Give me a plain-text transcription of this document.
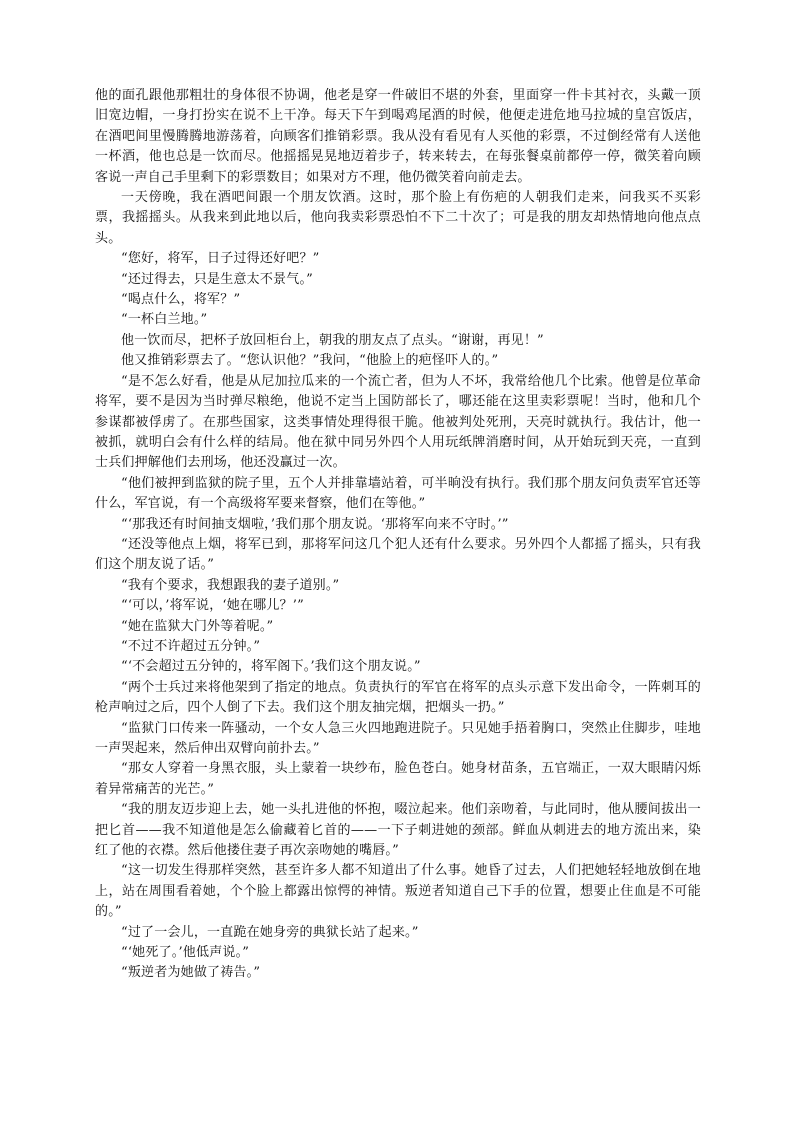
他的面孔跟他那粗壮的身体很不协调，他老是穿一件破旧不堪的外套，里面穿一件卡其衬衣，头戴一顶旧宽边帽，一身打扮实在说不上干净。每天下午到喝鸡尾酒的时候，他便走进危地马拉城的皇宫饭店，在酒吧间里慢腾腾地游荡着，向顾客们推销彩票。我从没有看见有人买他的彩票，不过倒经常有人送他一杯酒，他也总是一饮而尽。他摇摇晃晃地迈着步子，转来转去，在每张餐桌前都停一停，微笑着向顾客说一声自己手里剩下的彩票数目；如果对方不理，他仍微笑着向前走去。

一天傍晚，我在酒吧间跟一个朋友饮酒。这时，那个脸上有伤疤的人朝我们走来，问我买不买彩票，我摇摇头。从我来到此地以后，他向我卖彩票恐怕不下二十次了；可是我的朋友却热情地向他点点头。

“您好，将军，日子过得还好吧？”

“还过得去，只是生意太不景气。”

“喝点什么，将军？”

“一杯白兰地。”

他一饮而尽，把杯子放回柜台上，朝我的朋友点了点头。“谢谢，再见！”

他又推销彩票去了。“您认识他？”我问，“他脸上的疤怪吓人的。”

“是不怎么好看，他是从尼加拉瓜来的一个流亡者，但为人不坏，我常给他几个比索。他曾是位革命将军，要不是因为当时弹尽粮绝，他说不定当上国防部长了，哪还能在这里卖彩票呢！当时，他和几个参谋都被俘虏了。在那些国家，这类事情处理得很干脆。他被判处死刑，天亮时就执行。我估计，他一被抓，就明白会有什么样的结局。他在狱中同另外四个人用玩纸牌消磨时间，从开始玩到天亮，一直到士兵们押解他们去刑场，他还没赢过一次。

“他们被押到监狱的院子里，五个人并排靠墙站着，可半晌没有执行。我们那个朋友问负责军官还等什么，军官说，有一个高级将军要来督察，他们在等他。”

“‘那我还有时间抽支烟啦，’我们那个朋友说。‘那将军向来不守时。’”

“还没等他点上烟，将军已到，那将军问这几个犯人还有什么要求。另外四个人都摇了摇头，只有我们这个朋友说了话。”

“我有个要求，我想跟我的妻子道别。”

“‘可以，’将军说，‘她在哪儿？’”

“她在监狱大门外等着呢。”

“不过不许超过五分钟。”

“‘不会超过五分钟的，将军阁下。’我们这个朋友说。”

“两个士兵过来将他架到了指定的地点。负责执行的军官在将军的点头示意下发出命令，一阵刺耳的枪声响过之后，四个人倒了下去。我们这个朋友抽完烟，把烟头一扔。”

“监狱门口传来一阵骚动，一个女人急三火四地跑进院子。只见她手捂着胸口，突然止住脚步，哇地一声哭起来，然后伸出双臂向前扑去。”

“那女人穿着一身黑衣服，头上蒙着一块纱布，脸色苍白。她身材苗条，五官端正，一双大眼睛闪烁着异常痛苦的光芒。”

“我的朋友迈步迎上去，她一头扎进他的怀抱，啜泣起来。他们亲吻着，与此同时，他从腰间拔出一把匕首——我不知道他是怎么偷藏着匕首的——一下子刺进她的颈部。鲜血从刺进去的地方流出来，染红了他的衣襟。然后他搂住妻子再次亲吻她的嘴唇。”

“这一切发生得那样突然，甚至许多人都不知道出了什么事。她昏了过去，人们把她轻轻地放倒在地上，站在周围看着她，个个脸上都露出惊愕的神情。叛逆者知道自己下手的位置，想要止住血是不可能的。”

“过了一会儿，一直跪在她身旁的典狱长站了起来。”

“‘她死了。’他低声说。”

“叛逆者为她做了祷告。”
